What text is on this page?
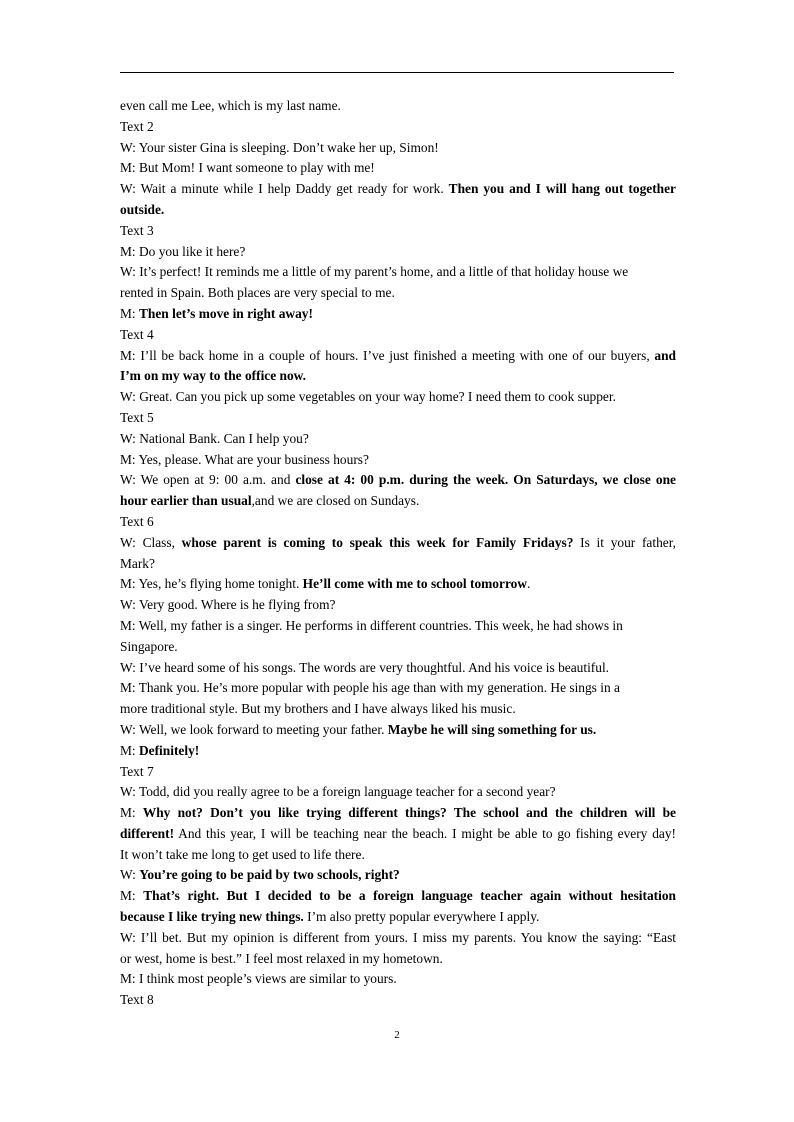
even call me Lee, which is my last name.
Text 2
W: Your sister Gina is sleeping. Don’t wake her up, Simon!
M: But Mom! I want someone to play with me!
W: Wait a minute while I help Daddy get ready for work. Then you and I will hang out together
outside.
Text 3
M: Do you like it here?
W: It’s perfect! It reminds me a little of my parent’s home, and a little of that holiday house we
rented in Spain. Both places are very special to me.
M: Then let’s move in right away!
Text 4
M: I’ll be back home in a couple of hours. I’ve just finished a meeting with one of our buyers, and
I’m on my way to the office now.
W: Great. Can you pick up some vegetables on your way home? I need them to cook supper.
Text 5
W: National Bank. Can I help you?
M: Yes, please. What are your business hours?
W: We open at 9: 00 a.m. and close at 4: 00 p.m. during the week. On Saturdays, we close one
hour earlier than usual,and we are closed on Sundays.
Text 6
W: Class, whose parent is coming to speak this week for Family Fridays? Is it your father,
Mark?
M: Yes, he’s flying home tonight. He’ll come with me to school tomorrow.
W: Very good. Where is he flying from?
M: Well, my father is a singer. He performs in different countries. This week, he had shows in
Singapore.
W: I’ve heard some of his songs. The words are very thoughtful. And his voice is beautiful.
M: Thank you. He’s more popular with people his age than with my generation. He sings in a
more traditional style. But my brothers and I have always liked his music.
W: Well, we look forward to meeting your father. Maybe he will sing something for us.
M: Definitely!
Text 7
W: Todd, did you really agree to be a foreign language teacher for a second year?
M: Why not? Don’t you like trying different things? The school and the children will be
different! And this year, I will be teaching near the beach. I might be able to go fishing every day!
It won’t take me long to get used to life there.
W: You’re going to be paid by two schools, right?
M: That’s right. But I decided to be a foreign language teacher again without hesitation
because I like trying new things. I’m also pretty popular everywhere I apply.
W: I’ll bet. But my opinion is different from yours. I miss my parents. You know the saying: “East
or west, home is best.” I feel most relaxed in my hometown.
M: I think most people’s views are similar to yours.
Text 8
2
